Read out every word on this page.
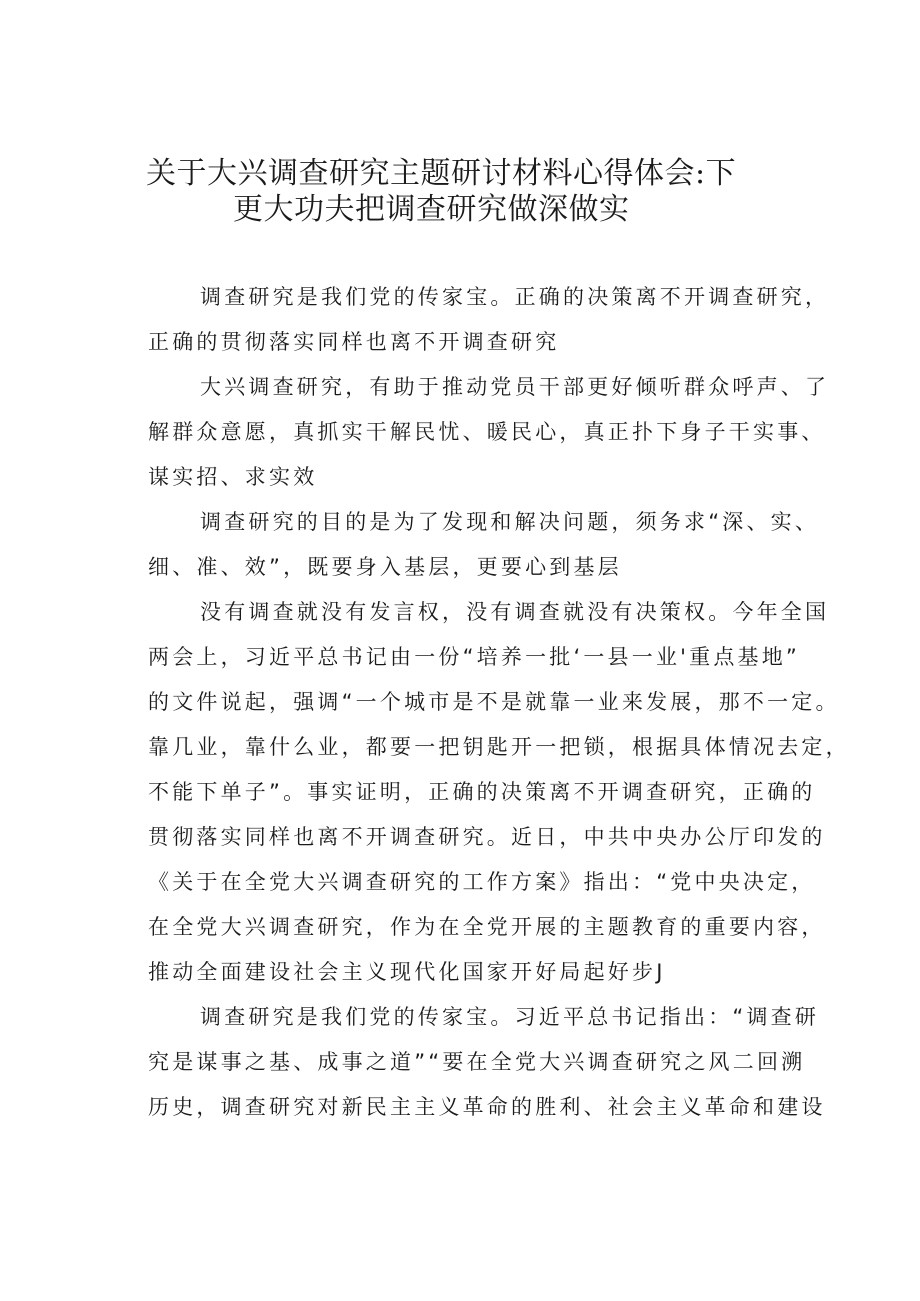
关于大兴调查研究主题研讨材料心得体会:下
更大功夫把调查研究做深做实
调查研究是我们党的传家宝。正确的决策离不开调查研究，
正确的贯彻落实同样也离不开调查研究
大兴调查研究，有助于推动党员干部更好倾听群众呼声、了
解群众意愿，真抓实干解民忧、暖民心，真正扑下身子干实事、
谋实招、求实效
调查研究的目的是为了发现和解决问题，须务求“深、实、
细、准、效”，既要身入基层，更要心到基层
没有调查就没有发言权，没有调查就没有决策权。今年全国
两会上，习近平总书记由一份“培养一批‘一县一业'重点基地”
的文件说起，强调“一个城市是不是就靠一业来发展，那不一定。
靠几业，靠什么业，都要一把钥匙开一把锁，根据具体情况去定，
不能下单子”。事实证明，正确的决策离不开调查研究，正确的
贯彻落实同样也离不开调查研究。近日，中共中央办公厅印发的
《关于在全党大兴调查研究的工作方案》指出：“党中央决定，
在全党大兴调查研究，作为在全党开展的主题教育的重要内容，
推动全面建设社会主义现代化国家开好局起好步J
调查研究是我们党的传家宝。习近平总书记指出：“调查研
究是谋事之基、成事之道”“要在全党大兴调查研究之风二回溯
历史，调查研究对新民主主义革命的胜利、社会主义革命和建设
